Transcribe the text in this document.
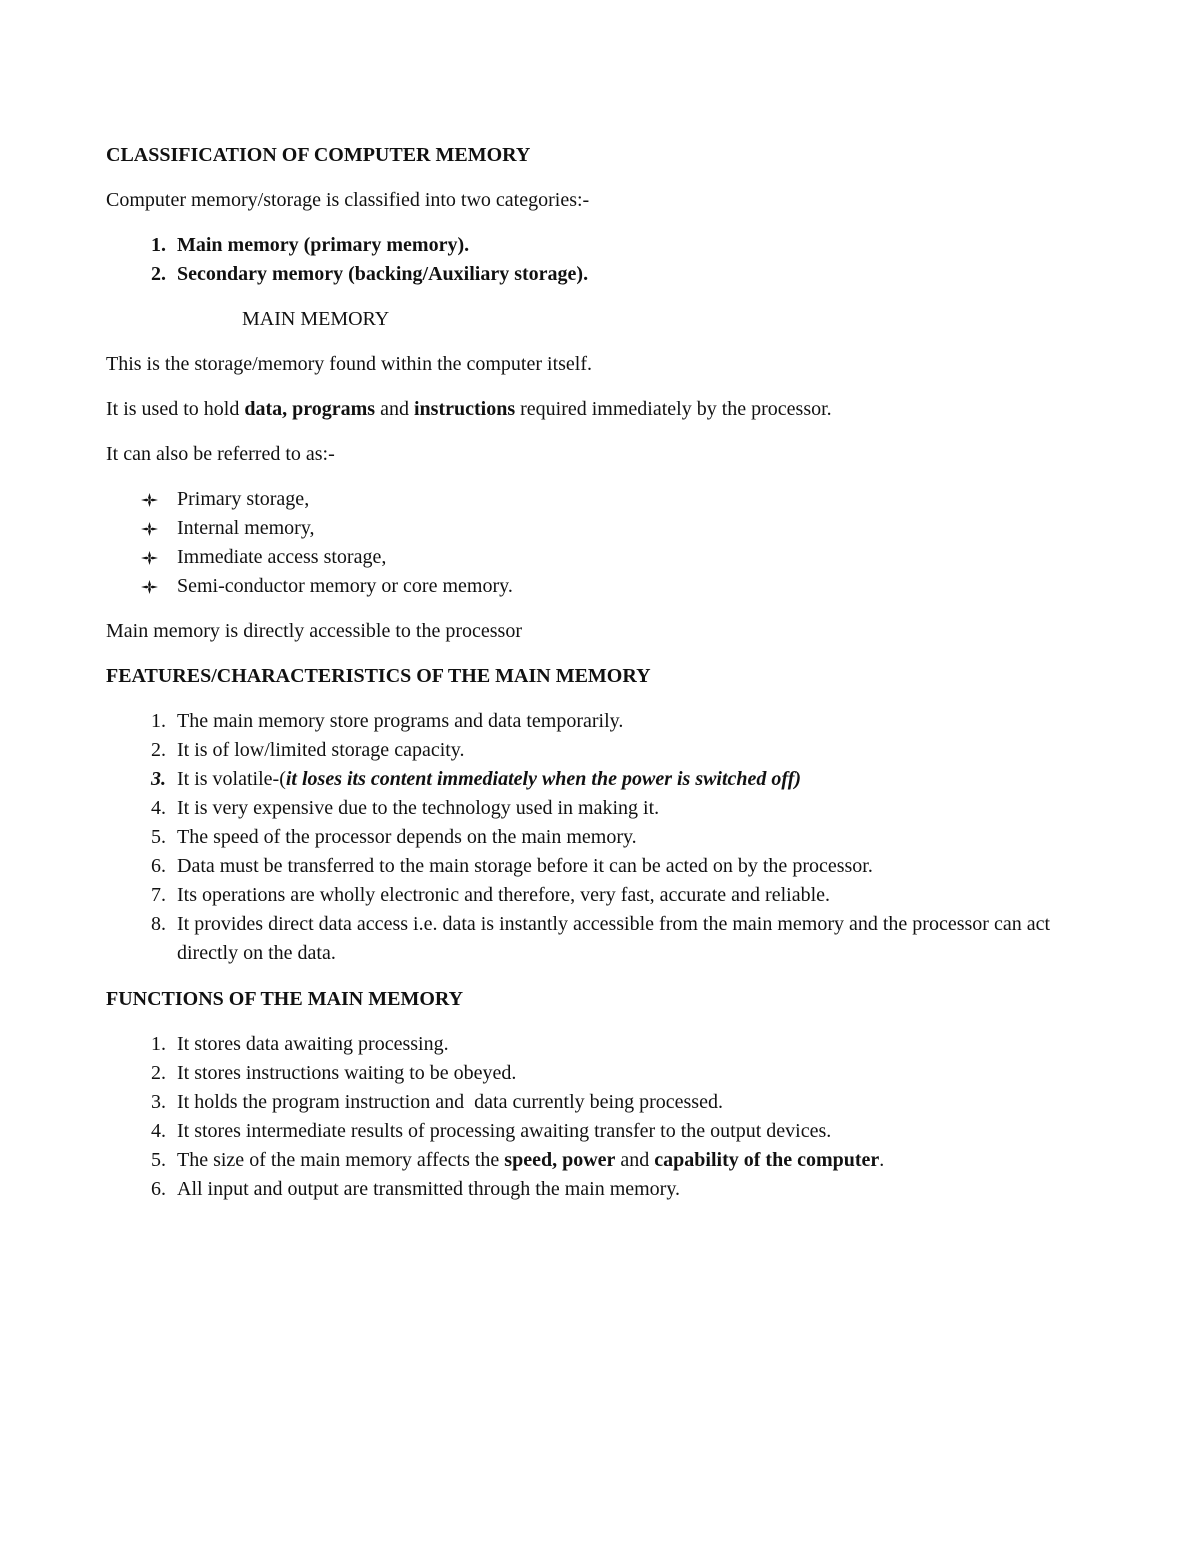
CLASSIFICATION OF COMPUTER MEMORY

Computer memory/storage is classified into two categories:-

1. Main memory (primary memory).
2. Secondary memory (backing/Auxiliary storage).

MAIN MEMORY

This is the storage/memory found within the computer itself.

It is used to hold data, programs and instructions required immediately by the processor.

It can also be referred to as:-

Primary storage,
Internal memory,
Immediate access storage,
Semi-conductor memory or core memory.

Main memory is directly accessible to the processor

FEATURES/CHARACTERISTICS OF THE MAIN MEMORY

1. The main memory store programs and data temporarily.
2. It is of low/limited storage capacity.
3. It is volatile-(it loses its content immediately when the power is switched off)
4. It is very expensive due to the technology used in making it.
5. The speed of the processor depends on the main memory.
6. Data must be transferred to the main storage before it can be acted on by the processor.
7. Its operations are wholly electronic and therefore, very fast, accurate and reliable.
8. It provides direct data access i.e. data is instantly accessible from the main memory and the processor can act directly on the data.

FUNCTIONS OF THE MAIN MEMORY

1. It stores data awaiting processing.
2. It stores instructions waiting to be obeyed.
3. It holds the program instruction and  data currently being processed.
4. It stores intermediate results of processing awaiting transfer to the output devices.
5. The size of the main memory affects the speed, power and capability of the computer.
6. All input and output are transmitted through the main memory.
